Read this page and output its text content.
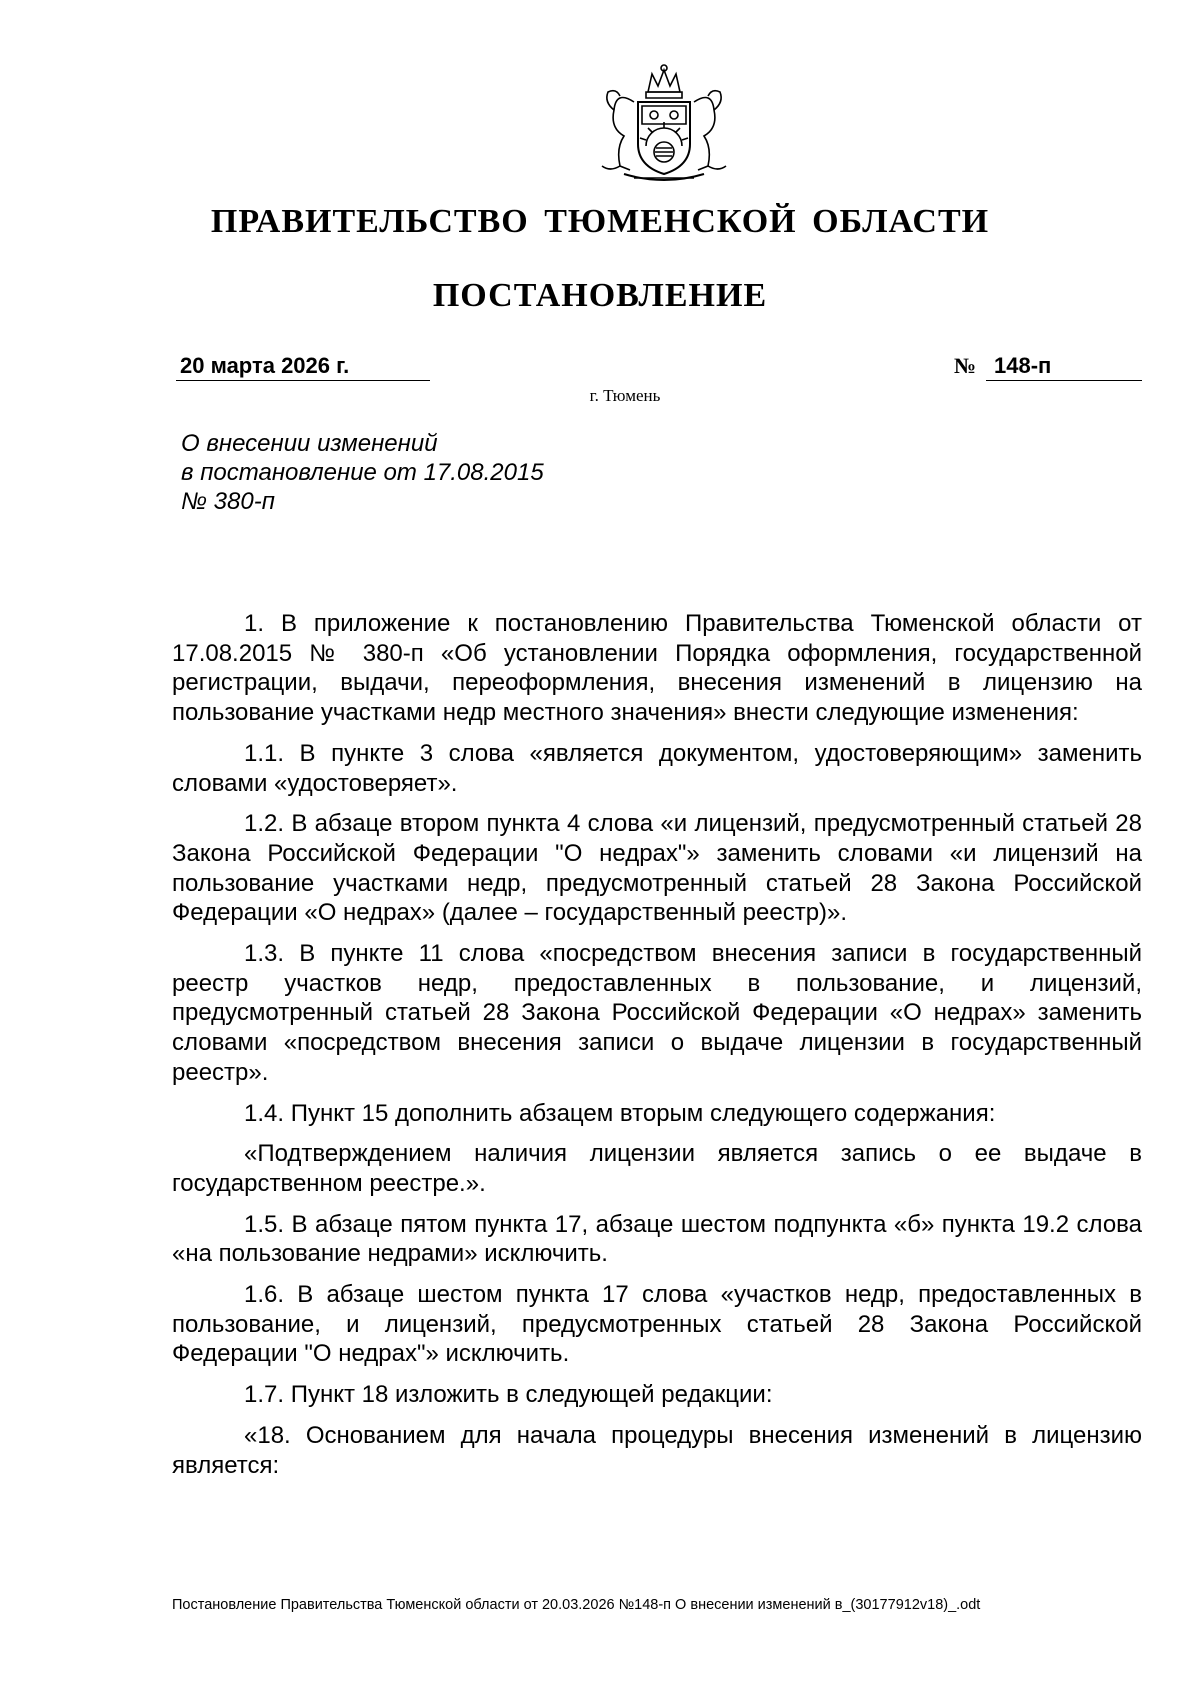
ПРАВИТЕЛЬСТВО ТЮМЕНСКОЙ ОБЛАСТИ
ПОСТАНОВЛЕНИЕ
20 марта 2026 г.	№ 148-п
г. Тюмень
О внесении изменений
в постановление от 17.08.2015
№ 380-п

1. В приложение к постановлению Правительства Тюменской области от 17.08.2015 № 380-п «Об установлении Порядка оформления, государственной регистрации, выдачи, переоформления, внесения изменений в лицензию на пользование участками недр местного значения» внести следующие изменения:

1.1. В пункте 3 слова «является документом, удостоверяющим» заменить словами «удостоверяет».

1.2. В абзаце втором пункта 4 слова «и лицензий, предусмотренный статьей 28 Закона Российской Федерации "О недрах"» заменить словами «и лицензий на пользование участками недр, предусмотренный статьей 28 Закона Российской Федерации «О недрах» (далее – государственный реестр)».

1.3. В пункте 11 слова «посредством внесения записи в государственный реестр участков недр, предоставленных в пользование, и лицензий, предусмотренный статьей 28 Закона Российской Федерации «О недрах» заменить словами «посредством внесения записи о выдаче лицензии в государственный реестр».

1.4. Пункт 15 дополнить абзацем вторым следующего содержания:

«Подтверждением наличия лицензии является запись о ее выдаче в государственном реестре.».

1.5. В абзаце пятом пункта 17, абзаце шестом подпункта «б» пункта 19.2 слова «на пользование недрами» исключить.

1.6. В абзаце шестом пункта 17 слова «участков недр, предоставленных в пользование, и лицензий, предусмотренных статьей 28 Закона Российской Федерации "О недрах"» исключить.

1.7. Пункт 18 изложить в следующей редакции:

«18. Основанием для начала процедуры внесения изменений в лицензию является:

Постановление Правительства Тюменской области от 20.03.2026 №148-п О внесении изменений в_(30177912v18)_.odt
